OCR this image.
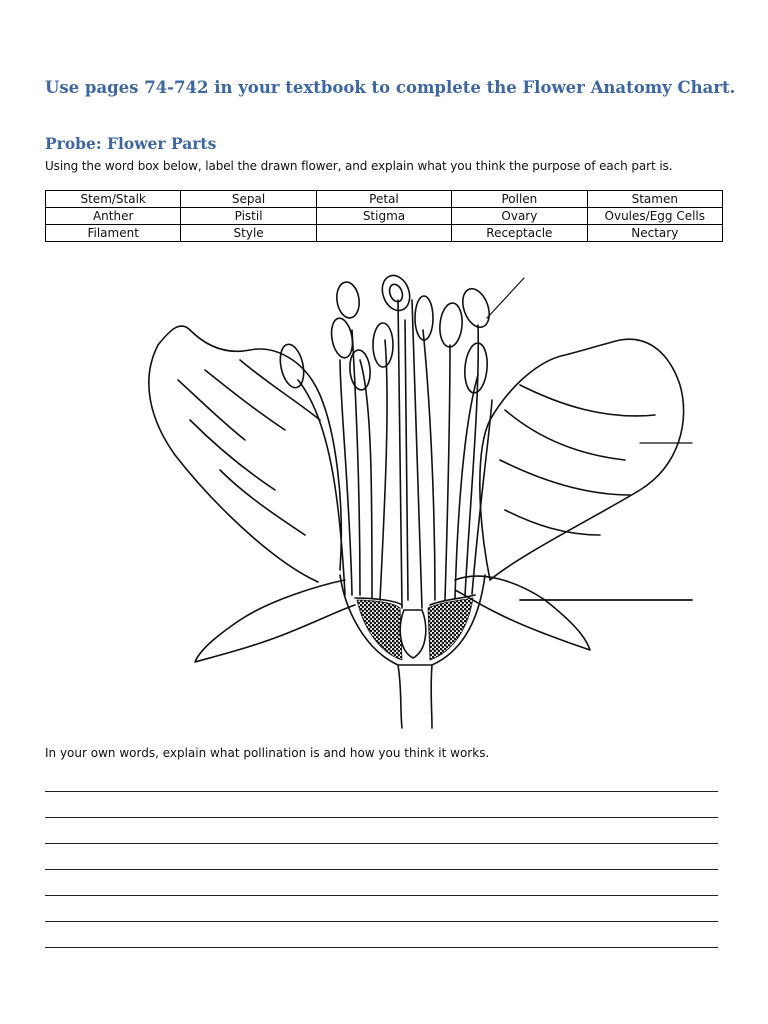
Use pages 74-742 in your textbook to complete the Flower Anatomy Chart.

Probe: Flower Parts

Using the word box below, label the drawn flower, and explain what you think the purpose of each part is.

Stem/Stalk	Sepal	Petal	Pollen	Stamen
Anther	Pistil	Stigma	Ovary	Ovules/Egg Cells
Filament	Style		Receptacle	Nectary

In your own words, explain what pollination is and how you think it works.
